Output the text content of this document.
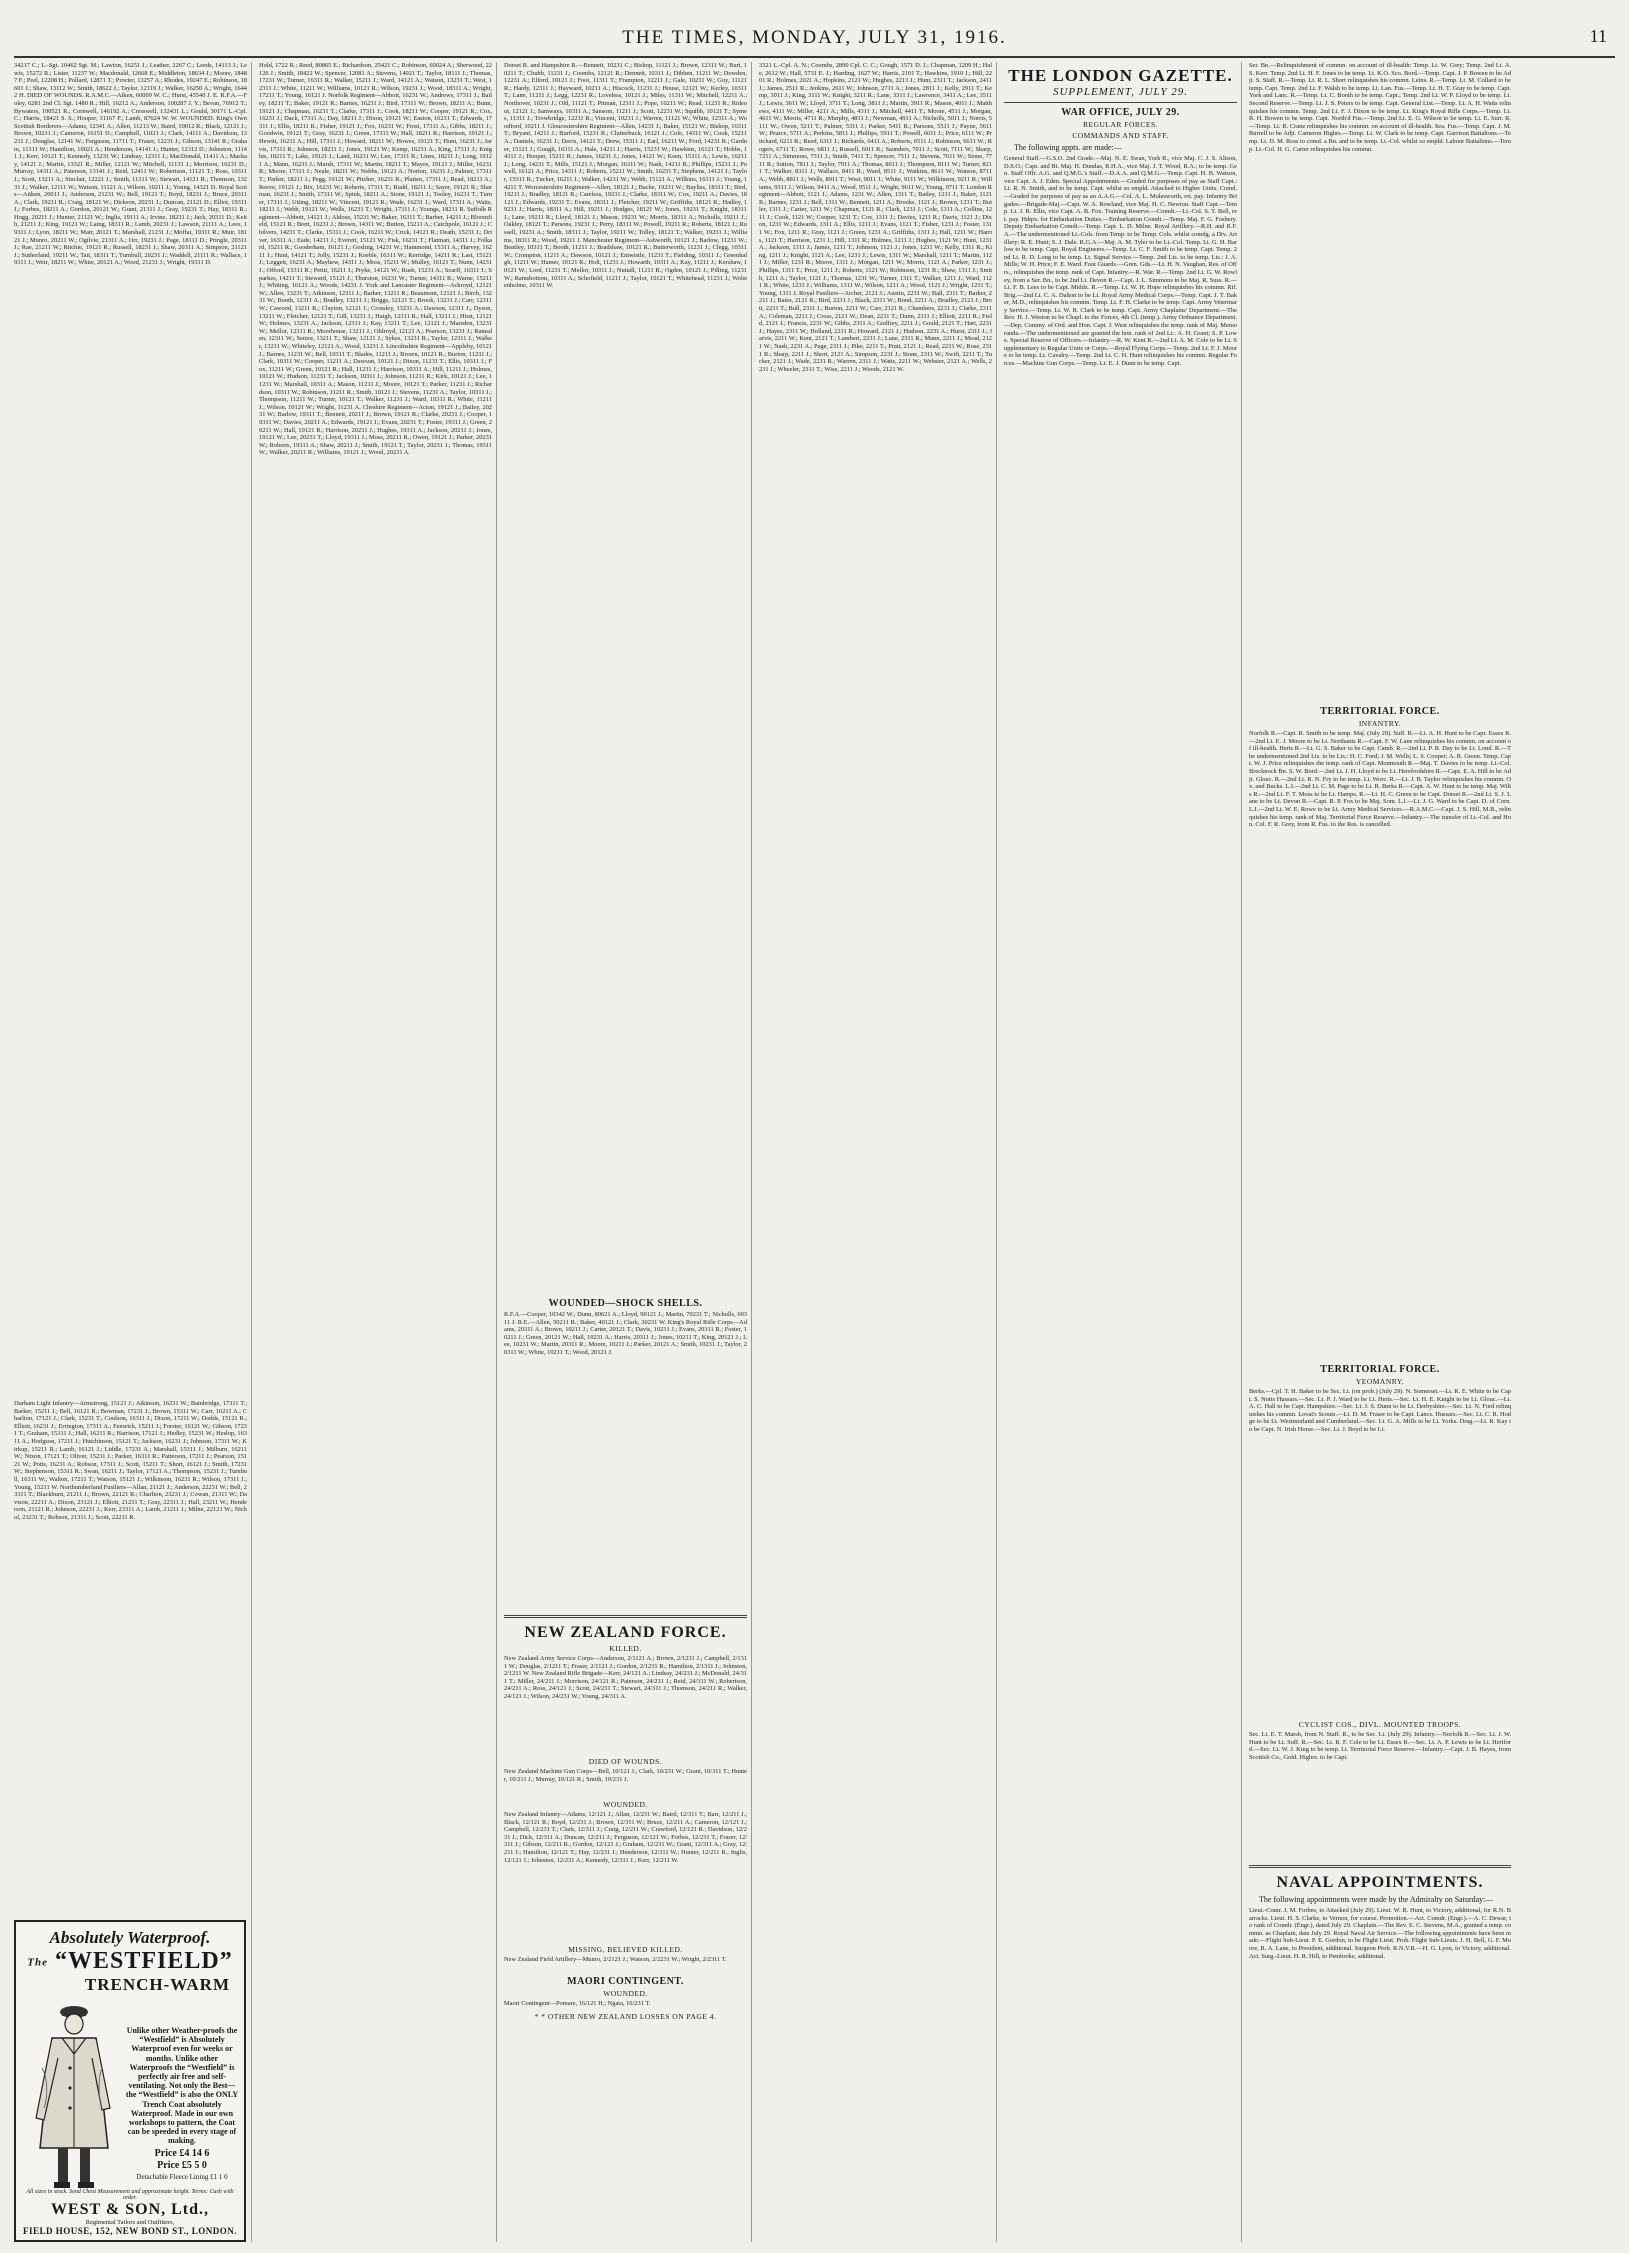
THE TIMES, MONDAY, JULY 31, 1916.	11
34217 C.; L.-Sgt. 10462 Sgt. M.; Lawton, 16251 J.; Leather, 2267 C.; Leeds, 14113 J.; Lewis, 15272 R.; Lister, 11237 W.; Macdonald, 12668 E.; Middleton, 18634 J.; Moore, 18487 F.; Peel, 12208 H.; Pollard, 12871 T.; Procter, 13257 A.; Rhodes, 19247 E.; Robinson, 18601 J.; Shaw, 13112 W.; Smith, 18622 J.; Taylor, 12119 J.; Walker, 16250 A.; Wright, 16442 H. DIED OF WOUNDS. R.A.M.C.—Aiken, 60009 W. C.; Hurst, 45540 J. E. R.F.A.—Foley, 6281 2nd Cl. Sgt. 1480 R.; Hill, 16212 A.; Anderson, 100287 J. Y.; Bevan, 76912 T.; Bywaters, 100521 R.; Cornwell, 146192 A.; Cresswell, 132431 L.; Gould, 30171 L.-Cpl. C.; Harris, 18421 S. S.; Hooper, 31167 F.; Lamb, 87624 W. W. WOUNDED. King's Own Scottish Borderers—Adams, 12341 A.; Allen, 11213 W.; Baird, 10012 R.; Black, 12121 J.; Brown, 10231 J.; Cameron, 16151 D.; Campbell, 11021 J.; Clark, 14111 A.; Davidson, 13231 J.; Douglas, 12141 W.; Ferguson, 11711 T.; Fraser, 12231 J.; Gibson, 13141 R.; Graham, 11311 W.; Hamilton, 10021 A.; Henderson, 14141 J.; Hunter, 12312 D.; Johnston, 11141 J.; Kerr, 10121 T.; Kennedy, 13231 W.; Lindsay, 12311 J.; MacDonald, 11411 A.; Mackay, 14121 J.; Martin, 13321 R.; Miller, 12121 W.; Mitchell, 11131 J.; Morrison, 10231 D.; Murray, 14311 A.; Paterson, 13141 J.; Reid, 12411 W.; Robertson, 11121 T.; Ross, 10311 J.; Scott, 13211 A.; Sinclair, 12221 J.; Smith, 11311 W.; Stewart, 14121 R.; Thomson, 13231 J.; Walker, 12111 W.; Watson, 11121 A.; Wilson, 10211 J.; Young, 14321 D. Royal Scots—Aitken, 20011 J.; Anderson, 21231 W.; Bell, 19121 T.; Boyd, 18231 J.; Bruce, 20311 A.; Clark, 19211 R.; Craig, 18121 W.; Dickson, 20231 J.; Duncan, 21121 D.; Elliot, 19311 J.; Forbes, 18211 A.; Gordon, 20121 W.; Grant, 21311 J.; Gray, 19231 T.; Hay, 18311 R.; Hogg, 20211 J.; Hunter, 21121 W.; Inglis, 19111 A.; Irvine, 18231 J.; Jack, 20311 D.; Keith, 21211 J.; King, 19121 W.; Laing, 18311 R.; Lamb, 20231 J.; Lawson, 21111 A.; Lees, 19311 J.; Lyon, 18211 W.; Mair, 20121 T.; Marshall, 21231 J.; Moffat, 19311 R.; Muir, 18121 J.; Munro, 20211 W.; Ogilvie, 21311 A.; Orr, 19231 J.; Page, 18111 D.; Pringle, 20311 J.; Rae, 21211 W.; Ritchie, 19121 R.; Russell, 18231 J.; Shaw, 20311 A.; Simpson, 21121 J.; Sutherland, 19211 W.; Tait, 18311 T.; Turnbull, 20231 J.; Waddell, 21111 R.; Wallace, 19311 J.; Weir, 18211 W.; White, 20121 A.; Wood, 21231 J.; Wright, 19311 D.
Durham Light Infantry—Armstrong, 15121 J.; Atkinson, 16231 W.; Bainbridge, 17311 T.; Barker, 15211 J.; Bell, 16121 R.; Bowman, 17231 J.; Brown, 15311 W.; Carr, 16211 A.; Charlton, 17121 J.; Clark, 15231 T.; Coulson, 16311 J.; Dixon, 17211 W.; Dodds, 15121 R.; Elliott, 16231 J.; Errington, 17311 A.; Fenwick, 15211 J.; Forster, 16121 W.; Gibson, 17231 T.; Graham, 15311 J.; Hall, 16211 R.; Harrison, 17121 J.; Hedley, 15231 W.; Heslop, 16311 A.; Hodgson, 17211 J.; Hutchinson, 15121 T.; Jackson, 16231 J.; Johnson, 17311 W.; Kirkup, 15211 R.; Lamb, 16121 J.; Liddle, 17231 A.; Marshall, 15311 J.; Milburn, 16211 W.; Nixon, 17121 T.; Oliver, 15231 J.; Parker, 16311 R.; Patterson, 17211 J.; Pearson, 15121 W.; Potts, 16231 A.; Robson, 17311 J.; Scott, 15211 T.; Short, 16121 J.; Smith, 17231 W.; Stephenson, 15311 R.; Swan, 16211 J.; Taylor, 17121 A.; Thompson, 15231 J.; Turnbull, 16311 W.; Walton, 17211 T.; Watson, 15121 J.; Wilkinson, 16231 R.; Wilson, 17311 J.; Young, 15211 W. Northumberland Fusiliers—Allan, 21121 J.; Anderson, 22231 W.; Bell, 23311 T.; Blackburn, 21211 J.; Brown, 22121 R.; Charlton, 23231 J.; Cowan, 21311 W.; Davison, 22211 A.; Dixon, 23121 J.; Elliott, 21231 T.; Gray, 22311 J.; Hall, 23211 W.; Henderson, 21121 R.; Johnson, 22231 J.; Kerr, 23311 A.; Lamb, 21211 J.; Milne, 22121 W.; Nichol, 23231 T.; Robson, 21311 J.; Scott, 22211 R.
Absolutely Waterproof.
The “WESTFIELD”
TRENCH-WARM
Unlike other Weather-proofs the “Westfield” is Absolutely Waterproof even for weeks or months. Unlike other Waterproofs the “Westfield” is perfectly air free and self-ventilating. Not only the Best—the “Westfield” is also the ONLY Trench Coat absolutely Waterproof. Made in our own workshops to pattern, the Coat can be speeded in every stage of making.
Price £4 14 6
Price £5 5 0
Detachable Fleece Lining £1 1 0
All sizes in stock. Send Chest Measurement and approximate height. Terms: Cash with order.
WEST & SON, Ltd.,
Regimental Tailors and Outfitters,
FIELD HOUSE, 152, NEW BOND ST., LONDON.
Hold, 1722 R.; Reed, 80865 E.; Richardson, 25421 C.; Robinson, 60024 A.; Sherwood, 22126 J.; Smith, 18422 W.; Spencer, 12081 A.; Stevens, 14021 T.; Taylor, 18111 J.; Thomas, 17231 W.; Turner, 16311 R.; Walker, 15211 J.; Ward, 14121 A.; Watson, 13231 T.; West, 12311 J.; White, 11211 W.; Williams, 10121 R.; Wilson, 19231 J.; Wood, 18311 A.; Wright, 17211 T.; Young, 16121 J. Norfolk Regiment—Abbott, 16231 W.; Andrews, 17311 J.; Bailey, 18211 T.; Baker, 19121 R.; Barnes, 16231 J.; Bird, 17311 W.; Brown, 18211 A.; Bunn, 19121 J.; Chapman, 16231 T.; Clarke, 17311 J.; Cook, 18211 W.; Cooper, 19121 R.; Cox, 16231 J.; Dack, 17311 A.; Day, 18211 J.; Dixon, 19121 W.; Easton, 16231 T.; Edwards, 17311 J.; Ellis, 18211 R.; Fisher, 19121 J.; Fox, 16231 W.; Frost, 17311 A.; Gibbs, 18211 J.; Goodwin, 19121 T.; Gray, 16231 J.; Green, 17311 W.; Hall, 18211 R.; Harrison, 19121 J.; Hewitt, 16231 A.; Hill, 17311 J.; Howard, 18211 W.; Howes, 19121 T.; Hunt, 16231 J.; Jarvis, 17311 R.; Johnson, 18211 J.; Jones, 19121 W.; Kemp, 16231 A.; King, 17311 J.; Knights, 18211 T.; Lake, 19121 J.; Land, 16231 W.; Lee, 17311 R.; Lines, 18211 J.; Long, 19121 A.; Mann, 16231 J.; Marsh, 17311 W.; Martin, 18211 T.; Mayes, 19121 J.; Miller, 16231 R.; Moore, 17311 J.; Neale, 18211 W.; Nobbs, 19121 A.; Norton, 16231 J.; Palmer, 17311 T.; Parker, 18211 J.; Pegg, 19121 W.; Pitcher, 16231 R.; Platten, 17311 J.; Read, 18211 A.; Reeve, 19121 J.; Rix, 16231 W.; Roberts, 17311 T.; Rudd, 18211 J.; Sayer, 19121 R.; Sharman, 16231 J.; Smith, 17311 W.; Spink, 18211 A.; Stone, 19121 J.; Tooley, 16231 T.; Turner, 17311 J.; Utting, 18211 W.; Vincent, 19121 R.; Wade, 16231 J.; Ward, 17311 A.; Watts, 18211 J.; Webb, 19121 W.; Wells, 16231 T.; Wright, 17311 J.; Youngs, 18211 R. Suffolk Regiment—Abbott, 14121 J.; Aldous, 15231 W.; Baker, 16311 T.; Barber, 14211 J.; Bloomfield, 15121 R.; Brett, 16231 J.; Brown, 14311 W.; Button, 15211 A.; Catchpole, 16121 J.; Chilvers, 14231 T.; Clarke, 15311 J.; Cook, 16211 W.; Crick, 14121 R.; Death, 15231 J.; Driver, 16311 A.; Eade, 14211 J.; Everett, 15121 W.; Fisk, 16231 T.; Flatman, 14311 J.; Folkard, 15211 R.; Gooderham, 16121 J.; Gosling, 14231 W.; Hammond, 15311 A.; Harvey, 16211 J.; Hunt, 14121 T.; Jolly, 15231 J.; Keeble, 16311 W.; Kerridge, 14211 R.; Last, 15121 J.; Leggett, 16231 A.; Mayhew, 14311 J.; Moss, 15211 W.; Mulley, 16121 T.; Nunn, 14231 J.; Offord, 15311 R.; Pettit, 16211 J.; Pryke, 14121 W.; Rush, 15231 A.; Scarff, 16311 J.; Sparkes, 14211 T.; Steward, 15121 J.; Thurston, 16231 W.; Turner, 14311 R.; Warne, 15211 J.; Whiting, 16121 A.; Woods, 14231 J. York and Lancaster Regiment—Ackroyd, 12121 W.; Allen, 13231 T.; Atkinson, 12311 J.; Barker, 13211 R.; Beaumont, 12121 J.; Birch, 13231 W.; Booth, 12311 A.; Bradley, 13211 J.; Briggs, 12121 T.; Brook, 13231 J.; Carr, 12311 W.; Cawood, 13211 R.; Clayton, 12121 J.; Crossley, 13231 A.; Dawson, 12311 J.; Dyson, 13211 W.; Fletcher, 12121 T.; Gill, 13231 J.; Haigh, 12311 R.; Hall, 13211 J.; Hirst, 12121 W.; Holmes, 13231 A.; Jackson, 12311 J.; Kay, 13211 T.; Lee, 12121 J.; Marsden, 13231 W.; Mellor, 12311 R.; Moorhouse, 13211 J.; Oldroyd, 12121 A.; Pearson, 13231 J.; Ramsden, 12311 W.; Senior, 13211 T.; Shaw, 12121 J.; Sykes, 13231 R.; Taylor, 12311 J.; Walker, 13211 W.; Whiteley, 12121 A.; Wood, 13231 J. Lincolnshire Regiment—Appleby, 10121 J.; Barnes, 11231 W.; Bell, 10311 T.; Blades, 11211 J.; Brown, 10121 R.; Burton, 11231 J.; Clark, 10311 W.; Cooper, 11211 A.; Dawson, 10121 J.; Dixon, 11231 T.; Ellis, 10311 J.; Fox, 11211 W.; Green, 10121 R.; Hall, 11231 J.; Harrison, 10311 A.; Hill, 11211 J.; Holmes, 10121 W.; Hudson, 11231 T.; Jackson, 10311 J.; Johnson, 11211 R.; Kirk, 10121 J.; Lee, 11231 W.; Marshall, 10311 A.; Mason, 11211 J.; Moore, 10121 T.; Parker, 11231 J.; Richardson, 10311 W.; Robinson, 11211 R.; Smith, 10121 J.; Stevens, 11231 A.; Taylor, 10311 J.; Thompson, 11211 W.; Turner, 10121 T.; Walker, 11231 J.; Ward, 10311 R.; White, 11211 J.; Wilson, 10121 W.; Wright, 11231 A. Cheshire Regiment—Acton, 19121 J.; Bailey, 20231 W.; Barlow, 19311 T.; Bennett, 20211 J.; Brown, 19121 R.; Clarke, 20231 J.; Cooper, 19311 W.; Davies, 20211 A.; Edwards, 19121 J.; Evans, 20231 T.; Foster, 19311 J.; Green, 20211 W.; Hall, 19121 R.; Harrison, 20231 J.; Hughes, 19311 A.; Jackson, 20211 J.; Jones, 19121 W.; Lee, 20231 T.; Lloyd, 19311 J.; Moss, 20211 R.; Owen, 19121 J.; Parker, 20231 W.; Roberts, 19311 A.; Shaw, 20211 J.; Smith, 19121 T.; Taylor, 20231 J.; Thomas, 19311 W.; Walker, 20211 R.; Williams, 19121 J.; Wood, 20231 A.
Dorset R. and Hampshire R.—Bennett, 10231 C.; Bishop, 11121 J.; Brown, 12311 W.; Burt, 10211 T.; Chubb, 11231 J.; Coombs, 12121 R.; Dennett, 10311 J.; Dibben, 11211 W.; Dowden, 12231 A.; Elford, 10121 J.; Foot, 11311 T.; Frampton, 12211 J.; Gale, 10231 W.; Guy, 11121 R.; Hardy, 12311 J.; Hayward, 10211 A.; Hiscock, 11231 J.; House, 12121 W.; Kerley, 10311 T.; Lane, 11211 J.; Legg, 12231 R.; Loveless, 10121 J.; Miles, 11311 W.; Mitchell, 12211 A.; Northover, 10231 J.; Old, 11121 T.; Pitman, 12311 J.; Pope, 10211 W.; Read, 11231 R.; Rideout, 12121 J.; Samways, 10311 A.; Sansom, 11211 J.; Scott, 12231 W.; Squibb, 10121 T.; Symes, 11311 J.; Trowbridge, 12211 R.; Vincent, 10231 J.; Warren, 11121 W.; White, 12311 A.; Woodford, 10211 J. Gloucestershire Regiment—Allen, 14231 J.; Baker, 15121 W.; Bishop, 16311 T.; Bryant, 14211 J.; Burford, 15231 R.; Clutterbuck, 16121 J.; Cole, 14311 W.; Cook, 15211 A.; Daniels, 16231 J.; Davis, 14121 T.; Drew, 15311 J.; Earl, 16211 W.; Ford, 14231 R.; Gardner, 15121 J.; Gough, 16311 A.; Hale, 14211 J.; Harris, 15231 W.; Hawkins, 16121 T.; Hobbs, 14311 J.; Hooper, 15211 R.; James, 16231 J.; Jones, 14121 W.; Keen, 15311 A.; Lewis, 16211 J.; Long, 14231 T.; Mills, 15121 J.; Morgan, 16311 W.; Nash, 14211 R.; Phillips, 15231 J.; Powell, 16121 A.; Price, 14311 J.; Roberts, 15211 W.; Smith, 16231 T.; Stephens, 14121 J.; Taylor, 15311 R.; Tucker, 16211 J.; Walker, 14231 W.; Webb, 15121 A.; Wilkins, 16311 J.; Young, 14211 T. Worcestershire Regiment—Allen, 18121 J.; Bache, 19231 W.; Bayliss, 18311 T.; Bird, 19211 J.; Bradley, 18121 R.; Careless, 19231 J.; Clarke, 18311 W.; Cox, 19211 A.; Davies, 18121 J.; Edwards, 19231 T.; Evans, 18311 J.; Fletcher, 19211 W.; Griffiths, 18121 R.; Hadley, 19231 J.; Harris, 18311 A.; Hill, 19211 J.; Hodges, 18121 W.; Jones, 19231 T.; Knight, 18311 J.; Lane, 19211 R.; Lloyd, 18121 J.; Mason, 19231 W.; Morris, 18311 A.; Nicholls, 19211 J.; Oakley, 18121 T.; Parsons, 19231 J.; Perry, 18311 W.; Powell, 19211 R.; Roberts, 18121 J.; Russell, 19231 A.; Smith, 18311 J.; Taylor, 19211 W.; Tolley, 18121 T.; Walker, 19231 J.; Williams, 18311 R.; Wood, 19211 J. Manchester Regiment—Ashworth, 10121 J.; Barlow, 11231 W.; Bentley, 10311 T.; Booth, 11211 J.; Bradshaw, 10121 R.; Butterworth, 11231 J.; Clegg, 10311 W.; Crompton, 11211 A.; Dawson, 10121 J.; Entwistle, 11231 T.; Fielding, 10311 J.; Greenhalgh, 11211 W.; Hamer, 10121 R.; Holt, 11231 J.; Howarth, 10311 A.; Kay, 11211 J.; Kershaw, 10121 W.; Lord, 11231 T.; Mellor, 10311 J.; Nuttall, 11211 R.; Ogden, 10121 J.; Pilling, 11231 W.; Ramsbottom, 10311 A.; Schofield, 11211 J.; Taylor, 10121 T.; Whitehead, 11231 J.; Wolstenholme, 10311 W.
WOUNDED—SHOCK SHELLS.
R.F.A.—Cooper, 10342 W.; Dunn, 80621 A.; Lloyd, 90121 J.; Martin, 70231 T.; Nicholls, 60311 J. R.E.—Allen, 50211 R.; Baker, 40121 J.; Clark, 30231 W. King's Royal Rifle Corps—Adams, 20311 A.; Brown, 10211 J.; Carter, 20121 T.; Davis, 10231 J.; Evans, 20311 R.; Foster, 10211 J.; Green, 20121 W.; Hall, 10231 A.; Harris, 20311 J.; Jones, 10211 T.; King, 20121 J.; Lee, 10231 W.; Martin, 20311 R.; Moore, 10211 J.; Parker, 20121 A.; Smith, 10231 J.; Taylor, 20311 W.; White, 10211 T.; Wood, 20121 J.
NEW ZEALAND FORCE.
KILLED.
New Zealand Army Service Corps—Anderson, 2/1121 A.; Brown, 2/1231 J.; Campbell, 2/1311 W.; Douglas, 2/1211 T.; Fraser, 2/1121 J.; Gordon, 2/1231 R.; Hamilton, 2/1311 J.; Johnston, 2/1211 W. New Zealand Rifle Brigade—Kerr, 24/121 A.; Lindsay, 24/231 J.; McDonald, 24/311 T.; Miller, 24/211 J.; Morrison, 24/121 R.; Paterson, 24/231 J.; Reid, 24/311 W.; Robertson, 24/211 A.; Ross, 24/121 J.; Scott, 24/231 T.; Stewart, 24/311 J.; Thomson, 24/211 R.; Walker, 24/121 J.; Wilson, 24/231 W.; Young, 24/311 A.
DIED OF WOUNDS.
New Zealand Machine Gun Corps—Bell, 10/121 J.; Clark, 10/231 W.; Grant, 10/311 T.; Hunter, 10/211 J.; Murray, 10/121 R.; Smith, 10/231 J.
WOUNDED.
New Zealand Infantry—Adams, 12/121 J.; Allan, 12/231 W.; Baird, 12/311 T.; Barr, 12/211 J.; Black, 12/121 R.; Boyd, 12/231 J.; Brown, 12/311 W.; Bruce, 12/211 A.; Cameron, 12/121 J.; Campbell, 12/231 T.; Clark, 12/311 J.; Craig, 12/211 W.; Crawford, 12/121 R.; Davidson, 12/231 J.; Dick, 12/311 A.; Duncan, 12/211 J.; Ferguson, 12/121 W.; Forbes, 12/231 T.; Fraser, 12/311 J.; Gibson, 12/211 R.; Gordon, 12/121 J.; Graham, 12/231 W.; Grant, 12/311 A.; Gray, 12/211 J.; Hamilton, 12/121 T.; Hay, 12/231 J.; Henderson, 12/311 W.; Hunter, 12/211 R.; Inglis, 12/121 J.; Johnston, 12/231 A.; Kennedy, 12/311 J.; Kerr, 12/211 W.
MISSING, BELIEVED KILLED.
New Zealand Field Artillery—Munro, 2/2121 J.; Watson, 2/2231 W.; Wright, 2/2311 T.
MAORI CONTINGENT.
WOUNDED.
Maori Contingent—Pomare, 16/121 H.; Ngata, 16/231 T.
* * OTHER NEW ZEALAND LOSSES ON PAGE 4.
3321 L.-Cpl. A. N.; Coombs, 2890 Cpl. C. C.; Gough, 1571 D. J.; Chapman, 1209 H.; Hale, 2612 W.; Hall, 5731 E. J.; Harding, 1627 W.; Harris, 2101 T.; Hawkins, 1910 J.; Hill, 2201 R.; Holmes, 2021 A.; Hopkins, 2121 W.; Hughes, 2213 J.; Hunt, 2311 T.; Jackson, 2411 J.; James, 2511 R.; Jenkins, 2611 W.; Johnson, 2711 A.; Jones, 2811 J.; Kelly, 2911 T.; Kemp, 3011 J.; King, 3111 W.; Knight, 3211 R.; Lane, 3311 J.; Lawrence, 3411 A.; Lee, 3511 J.; Lewis, 3611 W.; Lloyd, 3711 T.; Long, 3811 J.; Martin, 3911 R.; Mason, 4011 J.; Matthews, 4111 W.; Miller, 4211 A.; Mills, 4311 J.; Mitchell, 4411 T.; Moore, 4511 J.; Morgan, 4611 W.; Morris, 4711 R.; Murphy, 4811 J.; Newman, 4911 A.; Nicholls, 5011 J.; Norris, 5111 W.; Owen, 5211 T.; Palmer, 5311 J.; Parker, 5411 R.; Parsons, 5511 J.; Payne, 5611 W.; Pearce, 5711 A.; Perkins, 5811 J.; Phillips, 5911 T.; Powell, 6011 J.; Price, 6111 W.; Pritchard, 6211 R.; Reed, 6311 J.; Richards, 6411 A.; Roberts, 6511 J.; Robinson, 6611 W.; Rogers, 6711 T.; Rowe, 6811 J.; Russell, 6911 R.; Saunders, 7011 J.; Scott, 7111 W.; Sharp, 7211 A.; Simmons, 7311 J.; Smith, 7411 T.; Spencer, 7511 J.; Stevens, 7611 W.; Stone, 7711 R.; Sutton, 7811 J.; Taylor, 7911 A.; Thomas, 8011 J.; Thompson, 8111 W.; Turner, 8211 T.; Walker, 8311 J.; Wallace, 8411 R.; Ward, 8511 J.; Watkins, 8611 W.; Watson, 8711 A.; Webb, 8811 J.; Wells, 8911 T.; West, 9011 J.; White, 9111 W.; Wilkinson, 9211 R.; Williams, 9311 J.; Wilson, 9411 A.; Wood, 9511 J.; Wright, 9611 W.; Young, 9711 T. London Regiment—Abbott, 1121 J.; Adams, 1231 W.; Allen, 1311 T.; Bailey, 1211 J.; Baker, 1121 R.; Barnes, 1231 J.; Bell, 1311 W.; Bennett, 1211 A.; Brooks, 1121 J.; Brown, 1231 T.; Butler, 1311 J.; Carter, 1211 W.; Chapman, 1121 R.; Clark, 1231 J.; Cole, 1311 A.; Collins, 1211 J.; Cook, 1121 W.; Cooper, 1231 T.; Cox, 1311 J.; Davies, 1211 R.; Davis, 1121 J.; Dixon, 1231 W.; Edwards, 1311 A.; Ellis, 1211 J.; Evans, 1121 T.; Fisher, 1231 J.; Foster, 1311 W.; Fox, 1211 R.; Gray, 1121 J.; Green, 1231 A.; Griffiths, 1311 J.; Hall, 1211 W.; Harris, 1121 T.; Harrison, 1231 J.; Hill, 1311 R.; Holmes, 1211 J.; Hughes, 1121 W.; Hunt, 1231 A.; Jackson, 1311 J.; James, 1211 T.; Johnson, 1121 J.; Jones, 1231 W.; Kelly, 1311 R.; King, 1211 J.; Knight, 1121 A.; Lee, 1231 J.; Lewis, 1311 W.; Marshall, 1211 T.; Martin, 1121 J.; Miller, 1231 R.; Moore, 1311 J.; Morgan, 1211 W.; Morris, 1121 A.; Parker, 1231 J.; Phillips, 1311 T.; Price, 1211 J.; Roberts, 1121 W.; Robinson, 1231 R.; Shaw, 1311 J.; Smith, 1211 A.; Taylor, 1121 J.; Thomas, 1231 W.; Turner, 1311 T.; Walker, 1211 J.; Ward, 1121 R.; White, 1231 J.; Williams, 1311 W.; Wilson, 1211 A.; Wood, 1121 J.; Wright, 1231 T.; Young, 1311 J. Royal Fusiliers—Archer, 2121 J.; Austin, 2231 W.; Ball, 2311 T.; Barker, 2211 J.; Bates, 2121 R.; Bird, 2231 J.; Black, 2311 W.; Bond, 2211 A.; Bradley, 2121 J.; Brett, 2231 T.; Bull, 2311 J.; Burton, 2211 W.; Carr, 2121 R.; Chambers, 2231 J.; Clarke, 2311 A.; Coleman, 2211 J.; Cross, 2121 W.; Dean, 2231 T.; Dunn, 2311 J.; Elliott, 2211 R.; Field, 2121 J.; Francis, 2231 W.; Gibbs, 2311 A.; Godfrey, 2211 J.; Gould, 2121 T.; Hart, 2231 J.; Hayes, 2311 W.; Holland, 2211 R.; Howard, 2121 J.; Hudson, 2231 A.; Hurst, 2311 J.; Jarvis, 2211 W.; Kent, 2121 T.; Lambert, 2231 J.; Lane, 2311 R.; Mann, 2211 J.; Mead, 2121 W.; Nash, 2231 A.; Page, 2311 J.; Pike, 2211 T.; Pratt, 2121 J.; Read, 2231 W.; Rose, 2311 R.; Sharp, 2211 J.; Short, 2121 A.; Simpson, 2231 J.; Stone, 2311 W.; Swift, 2211 T.; Tucker, 2121 J.; Wade, 2231 R.; Warren, 2311 J.; Watts, 2211 W.; Webster, 2121 A.; Wells, 2231 J.; Wheeler, 2311 T.; Wise, 2211 J.; Woods, 2121 W.
THE LONDON GAZETTE.
SUPPLEMENT, JULY 29.
WAR OFFICE, JULY 29.
REGULAR FORCES.
COMMANDS AND STAFF.
The following appts. are made:—
General Staff.—G.S.O. 2nd Grade.—Maj. N. E. Swan, York R., vice Maj. C. J. S. Alison, D.S.O.; Capt. and Bt. Maj. H. Dundas, R.H.A., vice Maj. J. T. Wood, R.A.; to be temp. Gen. Staff Offr. A.G. and Q.M.G.'s Staff.—D.A.A. and Q.M.G.—Temp. Capt. H. B. Watson, vice Capt. A. J. Eden. Special Appointments.—Graded for purposes of pay as Staff Capt.: Lt. R. N. Smith, and to be temp. Capt. whilst so empld. Attached to Higher Units. Comd.—Graded for purposes of pay as an A.A.G.—Col. A. L. Molesworth, ret. pay. Infantry Brigades.—Brigade-Maj.—Capt. W. A. Rowland, vice Maj. H. C. Newton. Staff Capt.—Temp. Lt. J. R. Ellis, vice Capt. A. B. Fox. Training Reserve.—Comdt.—Lt.-Col. S. T. Bell, ret. pay. Hdqrs. for Embarkation Duties.—Embarkation Comdt.—Temp. Maj. F. G. Fosbery. Deputy Embarkation Comdt.—Temp. Capt. L. D. Milne. Royal Artillery.—R.H. and R.F.A.—The undermentioned Lt.-Cols. from Temp. to be Temp. Cols. whilst comdg. a Div. Artillery: R. E. Hunt; S. J. Dale. R.G.A.—Maj. A. M. Tyler to be Lt.-Col. Temp. Lt. G. H. Barlow to be temp. Capt. Royal Engineers.—Temp. Lt. C. F. Smith to be temp. Capt. Temp. 2nd Lt. R. D. Long to be temp. Lt. Signal Service.—Temp. 2nd Lts. to be temp. Lts.: J. A. Mills; W. H. Price; F. E. Ward. Foot Guards.—Gren. Gds.—Lt. H. N. Vaughan, Res. of Offrs., relinquishes the temp. rank of Capt. Infantry.—R. War. R.—Temp. 2nd Lt. G. W. Rowley, from a Ser. Bn., to be 2nd Lt. Devon R.—Capt. J. L. Simmons to be Maj. R. Suss. R.—Lt. F. B. Lees to be Capt. Middx. R.—Temp. Lt. W. H. Hope relinquishes his commn. Rif. Brig.—2nd Lt. C. A. Dalton to be Lt. Royal Army Medical Corps.—Temp. Capt. J. T. Baker, M.D., relinquishes his commn. Temp. Lt. F. H. Clarke to be temp. Capt. Army Veterinary Service.—Temp. Lt. W. R. Clark to be temp. Capt. Army Chaplains' Department.—The Rev. H. J. Weston to be Chapl. to the Forces, 4th Cl. (temp.). Army Ordnance Department.—Dep. Commy. of Ord. and Hon. Capt. J. West relinquishes the temp. rank of Maj. Memoranda.—The undermentioned are granted the hon. rank of 2nd Lt.: A. H. Grant; S. P. Lowe. Special Reserve of Officers.—Infantry.—R. W. Kent R.—2nd Lt. A. M. Cole to be Lt. Supplementary to Regular Units or Corps.—Royal Flying Corps.—Temp. 2nd Lt. F. J. Moore to be temp. Lt. Cavalry.—Temp. 2nd Lt. C. H. Hunt relinquishes his commn. Regular Forces.—Machine Gun Corps.—Temp. Lt. E. J. Dunn to be temp. Capt.
Ser. Bn.—Relinquishment of commn. on account of ill-health: Temp. Lt. W. Grey; Temp. 2nd Lt. A. S. Kerr. Temp. 2nd Lt. H. F. Jones to be temp. Lt. K.O. Sco. Bord.—Temp. Capt. J. P. Bowen to be Adjt. S. Staff. R.—Temp. Lt. R. L. Short relinquishes his commn. Leins. R.—Temp. Lt. M. Collard to be temp. Capt. Temp. 2nd Lt. F. Walsh to be temp. Lt. Lan. Fus.—Temp. Lt. H. T. Gray to be temp. Capt. York and Lanc. R.—Temp. Lt. C. Booth to be temp. Capt.; Temp. 2nd Lt. W. P. Lloyd to be temp. Lt. Second Reserve.—Temp. Lt. J. S. Peters to be temp. Capt. General List.—Temp. Lt. A. H. Watts relinquishes his commn. Temp. 2nd Lt. F. J. Dixon to be temp. Lt. King's Royal Rifle Corps.—Temp. Lt. R. H. Bowen to be temp. Capt. North'd Fus.—Temp. 2nd Lt. E. G. Wilson to be temp. Lt. E. Surr. R.—Temp. Lt. R. Crane relinquishes his commn. on account of ill-health. Sea. Fus.—Temp. Capt. J. M. Burrell to be Adjt. Cameron Highrs.—Temp. Lt. W. Clark to be temp. Capt. Garrison Battalions.—Temp. Lt. D. M. Ross to comd. a Bn. and to be temp. Lt.-Col. whilst so empld. Labour Battalions.—Temp. Lt.-Col. H. G. Carter relinquishes his commn.
TERRITORIAL FORCE.
INFANTRY.
Norfolk R.—Capt. R. Smith to be temp. Maj. (July 29). Suff. R.—Lt. A. H. Hunt to be Capt. Essex R.—2nd Lt. E. J. Moore to be Lt. Northants R.—Capt. F. W. Lane relinquishes his commn. on account of ill-health. Herts R.—Lt. G. S. Baker to be Capt. Camb. R.—2nd Lt. P. R. Day to be Lt. Lond. R.—The undermentioned 2nd Lts. to be Lts.: H. C. Ford; J. M. Wells; L. S. Cooper; A. R. Green. Temp. Capt. W. J. Price relinquishes the temp. rank of Capt. Monmouth R.—Maj. T. Davies to be temp. Lt.-Col. Brecknock Bn. S. W. Bord.—2nd Lt. J. H. Lloyd to be Lt. Herefordshire R.—Capt. E. A. Hill to be Adjt. Glouc. R.—2nd Lt. R. N. Fry to be temp. Lt. Worc. R.—Lt. J. B. Taylor relinquishes his commn. Ox. and Bucks. L.I.—2nd Lt. C. M. Page to be Lt. R. Berks R.—Capt. A. W. Hunt to be temp. Maj. Wilts R.—2nd Lt. F. T. Moss to be Lt. Hamps. R.—Lt. H. C. Green to be Capt. Dorset R.—2nd Lt. S. J. Lane to be Lt. Devon R.—Capt. R. P. Fox to be Maj. Som. L.I.—Lt. J. G. Ward to be Capt. D. of Corn. L.I.—2nd Lt. W. E. Rowe to be Lt. Army Medical Services.—R.A.M.C.—Capt. J. S. Hill, M.B., relinquishes his temp. rank of Maj. Territorial Force Reserve.—Infantry.—The transfer of Lt.-Col. and Hon. Col. F. R. Grey, from R. Fus. to the Res. is cancelled.
TERRITORIAL FORCE.
YEOMANRY.
Berks.—Cpl. T. H. Baker to be Sec. Lt. (on prob.) (July 29). N. Somerset.—Lt. R. E. White to be Capt. S. Notts Hussars.—Sec. Lt. P. J. Ward to be Lt. Herts.—Sec. Lt. H. E. Knight to be Lt. Glouc.—Lt. A. C. Hall to be Capt. Hampshire.—Sec. Lt. J. S. Dunn to be Lt. Derbyshire.—Sec. Lt. N. Ford relinquishes his commn. Lovat's Scouts.—Lt. D. M. Fraser to be Capt. Lancs. Hussars.—Sec. Lt. C. R. Hodge to be Lt. Westmorland and Cumberland.—Sec. Lt. G. A. Mills to be Lt. Yorks. Drag.—Lt. R. Kay to be Capt. N. Irish Horse.—Sec. Lt. J. Boyd to be Lt.
CYCLIST COS., DIVL. MOUNTED TROOPS.
Sec. Lt. E. T. Marsh, from N. Staff. R., to be Sec. Lt. (July 29). Infantry.—Norfolk R.—Sec. Lt. J. W. Hunt to be Lt. Suff. R.—Sec. Lt. R. F. Cole to be Lt. Essex R.—Sec. Lt. A. P. Lewis to be Lt. Hertford.—Sec. Lt. W. J. King to be temp. Lt. Territorial Force Reserve.—Infantry.—Capt. J. B. Hayes, from Scottish Co., Gold. Highrs. to be Capt.
NAVAL APPOINTMENTS.
The following appointments were made by the Admiralty on Saturday:—
Lieut.-Comr. J. M. Forbes, to Attacked (July 29). Lieut. W. R. Hunt, to Victory, additional, for R.N. Barracks. Lieut. H. S. Clarke, to Vernon, for course. Promotion.—Act. Comdr. (Engr.).—A. C. Dewar, to rank of Comdr. (Engr.), dated July 29. Chaplain.—The Rev. E. C. Stevens, M.A., granted a temp. commn. as Chaplain, date July 29. Royal Naval Air Service.—The following appointments have been made:—Flight Sub-Lieut. P. E. Gordon, to be Flight Lieut. Prob. Flight Sub-Lieuts. J. H. Bell, G. F. Moore, R. A. Lane, to President, additional. Surgeon Prob. R.N.V.R.—H. G. Lyon, to Victory, additional. Act. Surg.-Lieut. H. R. Hill, to Pembroke, additional.
